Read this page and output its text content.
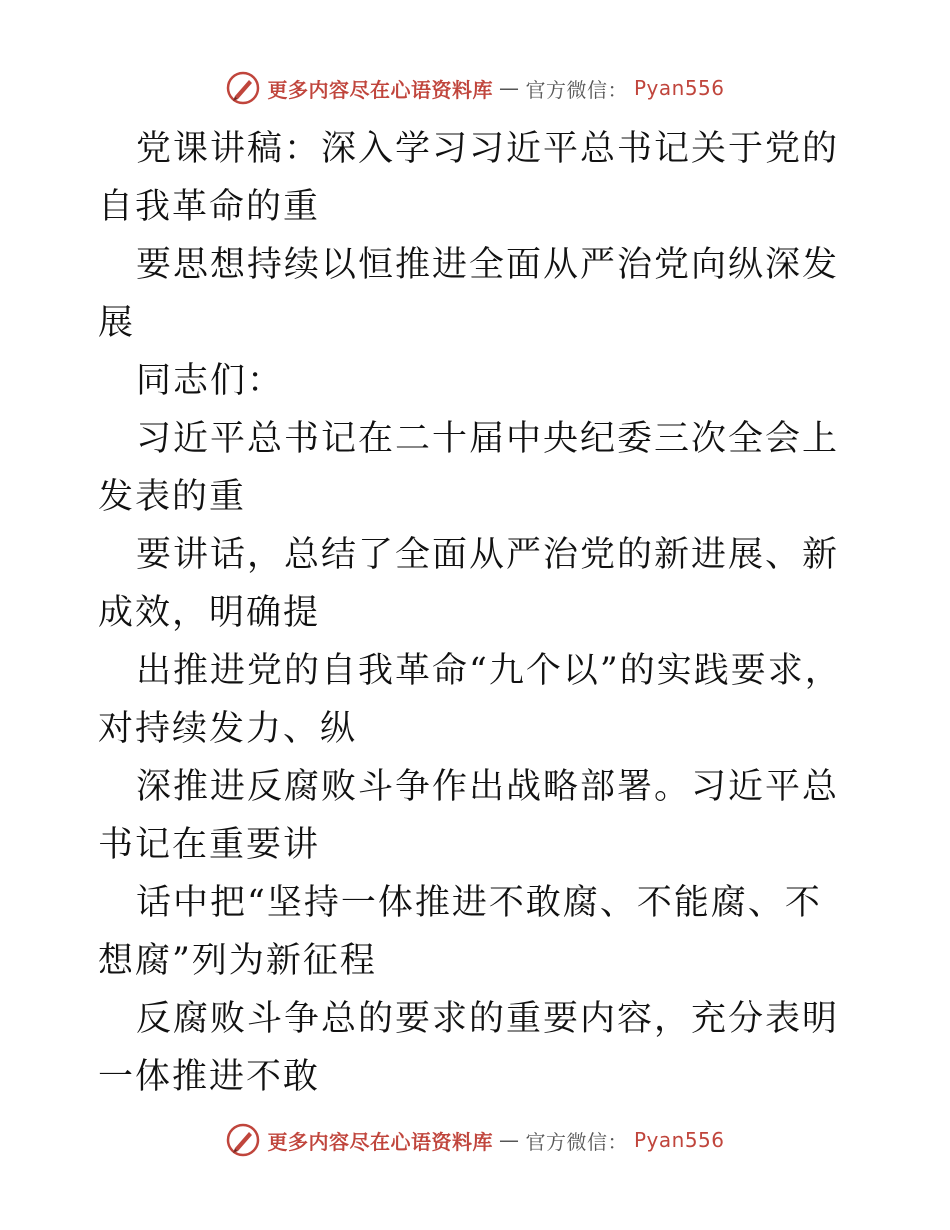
更多内容尽在心语资料库 — 官方微信： Pyan556

党课讲稿：深入学习习近平总书记关于党的自我革命的重

要思想持续以恒推进全面从严治党向纵深发展

同志们：

习近平总书记在二十届中央纪委三次全会上发表的重

要讲话，总结了全面从严治党的新进展、新成效，明确提

出推进党的自我革命“九个以”的实践要求，对持续发力、纵

深推进反腐败斗争作出战略部署。习近平总书记在重要讲

话中把“坚持一体推进不敢腐、不能腐、不想腐”列为新征程

反腐败斗争总的要求的重要内容，充分表明一体推进不敢

更多内容尽在心语资料库 — 官方微信： Pyan556
